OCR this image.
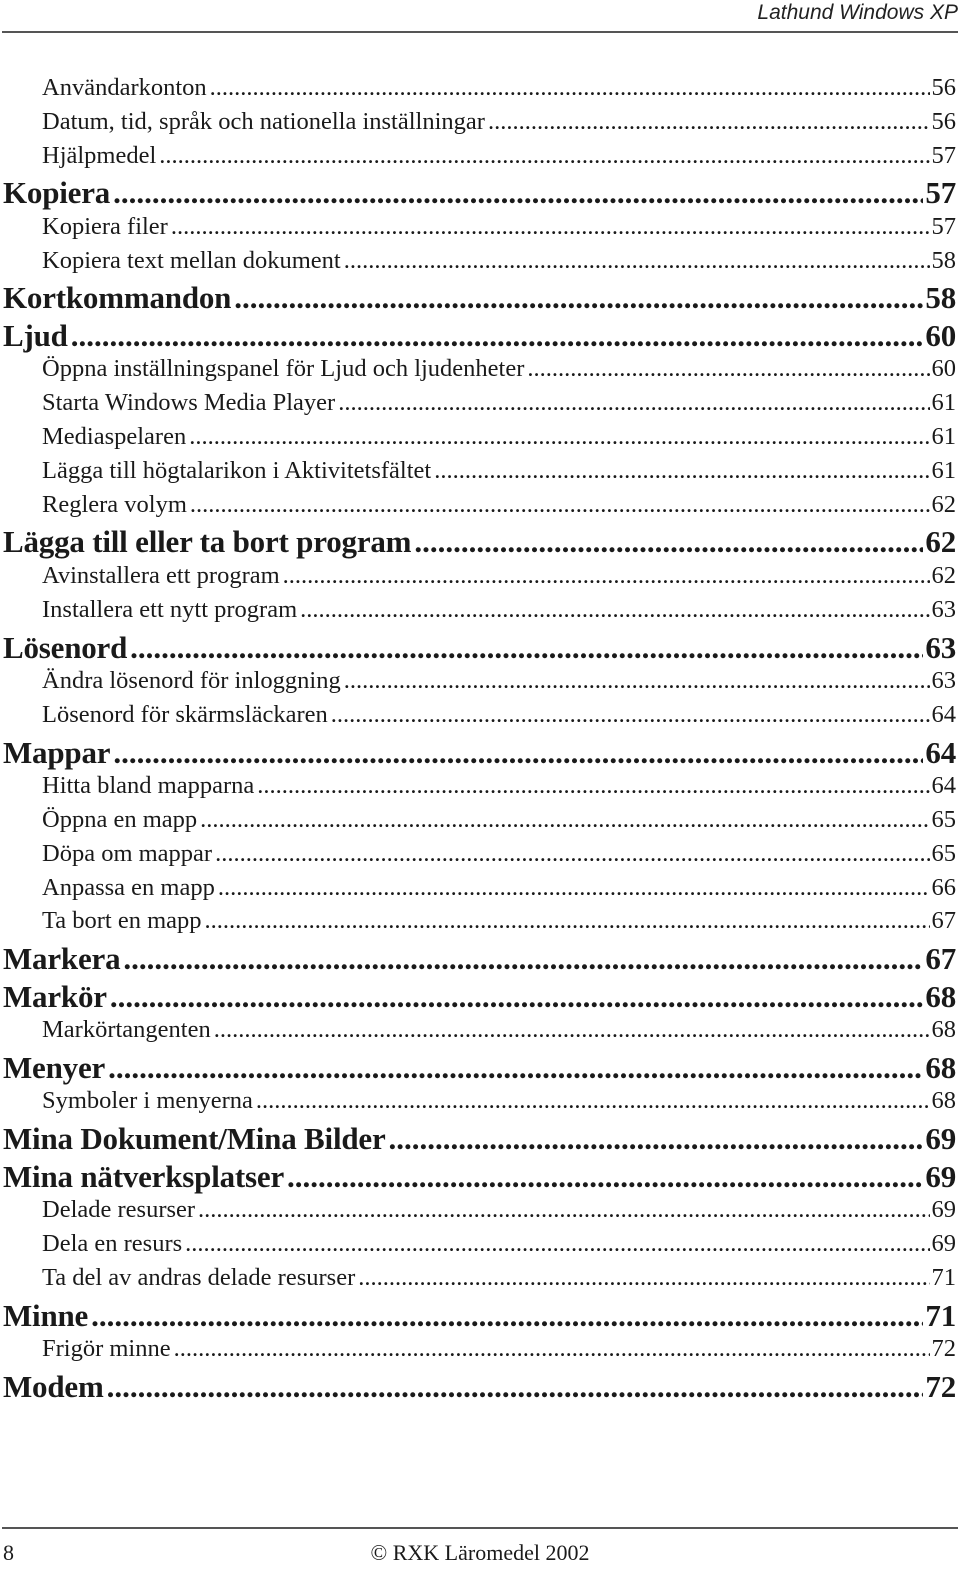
Lathund Windows XP
Användarkonton .....	56
Datum, tid, språk och nationella inställningar .....	56
Hjälpmedel .....	57
Kopiera .....	57
Kopiera filer .....	57
Kopiera text mellan dokument .....	58
Kortkommandon .....	58
Ljud .....	60
Öppna inställningspanel för Ljud och ljudenheter .....	60
Starta Windows Media Player .....	61
Mediaspelaren .....	61
Lägga till högtalarikon i Aktivitetsfältet .....	61
Reglera volym .....	62
Lägga till eller ta bort program .....	62
Avinstallera ett program .....	62
Installera ett nytt program .....	63
Lösenord .....	63
Ändra lösenord för inloggning .....	63
Lösenord för skärmsläckaren .....	64
Mappar .....	64
Hitta bland mapparna .....	64
Öppna en mapp .....	65
Döpa om mappar .....	65
Anpassa en mapp .....	66
Ta bort en mapp .....	67
Markera .....	67
Markör .....	68
Markörtangenten .....	68
Menyer .....	68
Symboler i menyerna .....	68
Mina Dokument/Mina Bilder .....	69
Mina nätverksplatser .....	69
Delade resurser .....	69
Dela en resurs .....	69
Ta del av andras delade resurser .....	71
Minne .....	71
Frigör minne .....	72
Modem .....	72
8	© RXK Läromedel 2002
